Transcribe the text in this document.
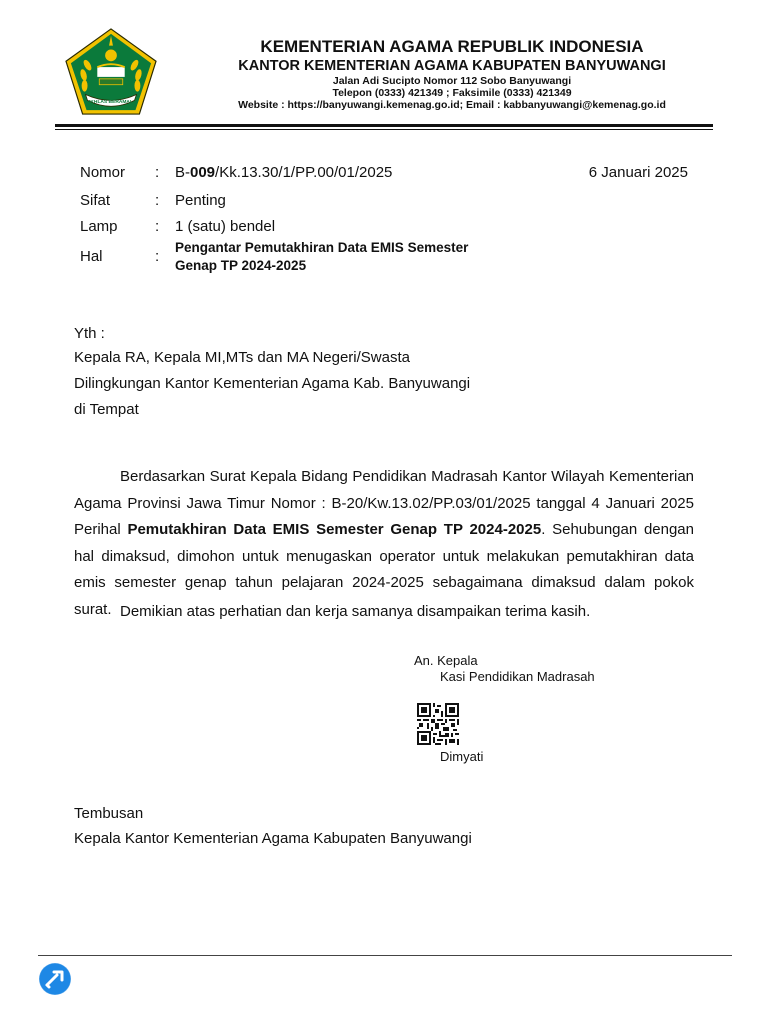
IKHLAS BERAMAL
KEMENTERIAN AGAMA REPUBLIK INDONESIA
KANTOR KEMENTERIAN AGAMA KABUPATEN BANYUWANGI
Jalan Adi Sucipto Nomor 112 Sobo Banyuwangi
Telepon (0333) 421349 ; Faksimile (0333) 421349
Website : https://banyuwangi.kemenag.go.id; Email : kabbanyuwangi@kemenag.go.id
Nomor : B-009/Kk.13.30/1/PP.00/01/2025	6 Januari 2025
Sifat	: Penting
Lamp : 1 (satu) bendel
Hal	:
Pengantar Pemutakhiran Data EMIS Semester
Genap TP 2024-2025
Yth :
Kepala RA, Kepala MI,MTs dan MA Negeri/Swasta
Dilingkungan Kantor Kementerian Agama Kab. Banyuwangi
di Tempat
Berdasarkan Surat Kepala Bidang Pendidikan Madrasah Kantor Wilayah Kementerian Agama Provinsi Jawa Timur Nomor : B-20/Kw.13.02/PP.03/01/2025 tanggal 4 Januari 2025 Perihal Pemutakhiran Data EMIS Semester Genap TP 2024-2025. Sehubungan dengan hal dimaksud, dimohon untuk menugaskan operator untuk melakukan pemutakhiran data emis semester genap tahun pelajaran 2024-2025 sebagaimana dimaksud dalam pokok surat. Demikian atas perhatian dan kerja samanya disampaikan terima kasih.
An. Kepala
Kasi Pendidikan Madrasah
Dimyati
Tembusan
Kepala Kantor Kementerian Agama Kabupaten Banyuwangi
